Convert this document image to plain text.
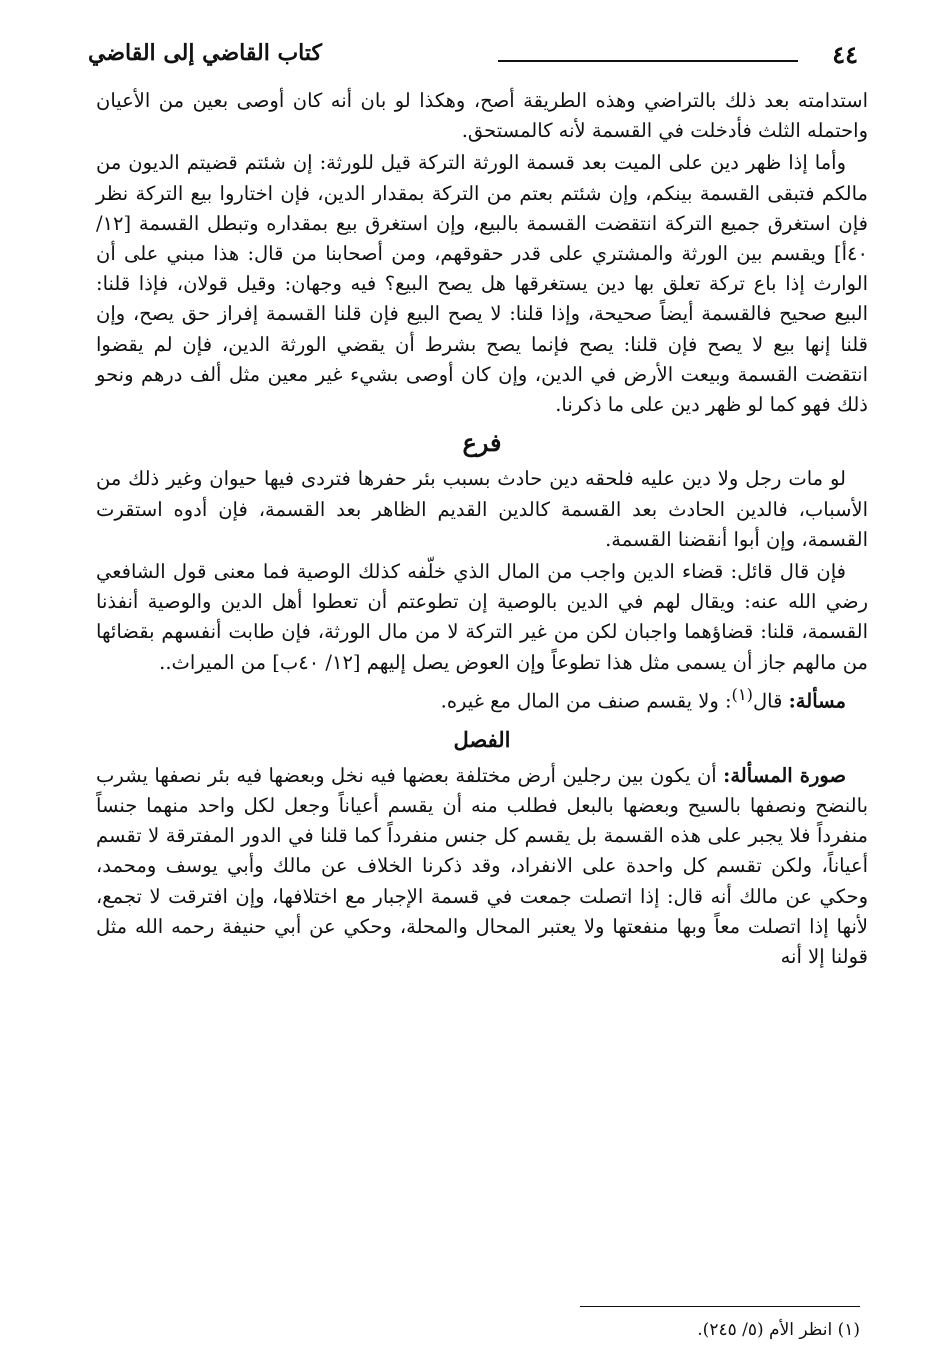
٤٤
كتاب القاضي إلى القاضي

استدامته بعد ذلك بالتراضي وهذه الطريقة أصح، وهكذا لو بان أنه كان أوصى بعين من الأعيان واحتمله الثلث فأدخلت في القسمة لأنه كالمستحق.

وأما إذا ظهر دين على الميت بعد قسمة الورثة التركة قيل للورثة: إن شئتم قضيتم الديون من مالكم فتبقى القسمة بينكم، وإن شئتم بعتم من التركة بمقدار الدين، فإن اختاروا بيع التركة نظر فإن استغرق جميع التركة انتقضت القسمة بالبيع، وإن استغرق بيع بمقداره وتبطل القسمة [١٢/ ٤٠أ] ويقسم بين الورثة والمشتري على قدر حقوقهم، ومن أصحابنا من قال: هذا مبني على أن الوارث إذا باع تركة تعلق بها دين يستغرقها هل يصح البيع؟ فيه وجهان: وقيل قولان، فإذا قلنا: البيع صحيح فالقسمة أيضاً صحيحة، وإذا قلنا: لا يصح البيع فإن قلنا القسمة إفراز حق يصح، وإن قلنا إنها بيع لا يصح فإن قلنا: يصح فإنما يصح بشرط أن يقضي الورثة الدين، فإن لم يقضوا انتقضت القسمة وبيعت الأرض في الدين، وإن كان أوصى بشيء غير معين مثل ألف درهم ونحو ذلك فهو كما لو ظهر دين على ما ذكرنا.

فرع

لو مات رجل ولا دين عليه فلحقه دين حادث بسبب بئر حفرها فتردى فيها حيوان وغير ذلك من الأسباب، فالدين الحادث بعد القسمة كالدين القديم الظاهر بعد القسمة، فإن أدوه استقرت القسمة، وإن أبوا أنقضنا القسمة.

فإن قال قائل: قضاء الدين واجب من المال الذي خلّفه كذلك الوصية فما معنى قول الشافعي رضي الله عنه: ويقال لهم في الدين بالوصية إن تطوعتم أن تعطوا أهل الدين والوصية أنفذنا القسمة، قلنا: قضاؤهما واجبان لكن من غير التركة لا من مال الورثة، فإن طابت أنفسهم بقضائها من مالهم جاز أن يسمى مثل هذا تطوعاً وإن العوض يصل إليهم [١٢/ ٤٠ب] من الميراث..

مسألة: قال$^{(١)}$: ولا يقسم صنف من المال مع غيره.

الفصل

صورة المسألة: أن يكون بين رجلين أرض مختلفة بعضها فيه نخل وبعضها فيه بئر نصفها يشرب بالنضح ونصفها بالسيح وبعضها بالبعل فطلب منه أن يقسم أعياناً وجعل لكل واحد منهما جنساً منفرداً فلا يجبر على هذه القسمة بل يقسم كل جنس منفرداً كما قلنا في الدور المفترقة لا تقسم أعياناً، ولكن تقسم كل واحدة على الانفراد، وقد ذكرنا الخلاف عن مالك وأبي يوسف ومحمد، وحكي عن مالك أنه قال: إذا اتصلت جمعت في قسمة الإجبار مع اختلافها، وإن افترقت لا تجمع، لأنها إذا اتصلت معاً وبها منفعتها ولا يعتبر المحال والمحلة، وحكي عن أبي حنيفة رحمه الله مثل قولنا إلا أنه

(١) انظر الأم (٥/ ٢٤٥).
